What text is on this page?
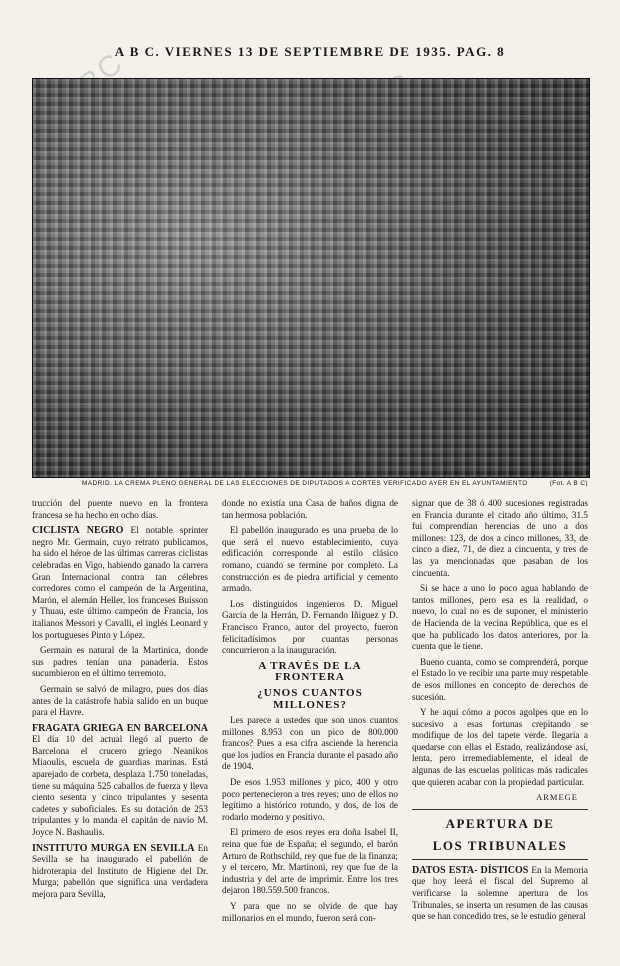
A B C. VIERNES 13 DE SEPTIEMBRE DE 1935. PAG. 8
MADRID. LA CREMA PLENO GENERAL DE LAS ELECCIONES DE DIPUTADOS A CORTES VERIFICADO AYER EN EL AYUNTAMIENTO	(Fot. A B C)

trucción del puente nuevo en la frontera francesa se ha hecho en ocho días.

CICLISTA NEGRO El notable sprinter negro Mr. Germain, cuyo retrato publicamos, ha sido el héroe de las últimas carreras ciclistas celebradas en Vigo, habiendo ganado la carrera Gran Internacional contra tan célebres corredores como el campeón de la Argentina, Marón, el alemán Heller, los franceses Buisson y Thuau, este último campeón de Francia, los italianos Messori y Cavalli, el inglés Leonard y los portugueses Pinto y López.

Germain es natural de la Martinica, donde sus padres tenían una panadería. Estos sucumbieron en el último terremoto.

Germain se salvó de milagro, pues dos días antes de la catástrofe había salido en un buque para el Havre.

FRAGATA GRIEGA EN BARCELONA El día 10 del actual llegó al puerto de Barcelona el crucero griego Neanikos Miaoulis, escuela de guardias marinas. Está aparejado de corbeta, desplaza 1.750 toneladas, tiene su máquina 525 caballos de fuerza y lleva ciento sesenta y cinco tripulantes y sesenta cadetes y suboficiales. Es su dotación de 253 tripulantes y lo manda el capitán de navío M. Joyce N. Bashaulis.

INSTITUTO MURGA EN SEVILLA En Sevilla se ha inaugurado el pabellón de hidroterapia del Instituto de Higiene del Dr. Murga; pabellón que significa una verdadera mejora para Sevilla,

donde no existía una Casa de baños digna de tan hermosa población.

El pabellón inaugurado es una prueba de lo que será el nuevo establecimiento, cuya edificación corresponde al estilo clásico romano, cuando se termine por completo. La construcción es de piedra artificial y cemento armado.

Los distinguidos ingenieros D. Miguel García de la Herrán, D. Fernando Iñiguez y D. Francisco Franco, autor del proyecto, fueron felicitadísimos por cuantas personas concurrieron a la inauguración.

A TRAVÉS DE LA FRONTERA
¿UNOS CUANTOS MILLONES?

Les parece a ustedes que son unos cuantos millones 8.953 con un pico de 800.000 francos? Pues a esa cifra asciende la herencia que los judíos en Francia durante el pasado año de 1904.

De esos 1.953 millones y pico, 400 y otro poco pertenecieron a tres reyes; uno de ellos no legítimo a histórico rotundo, y dos, de los de rodarlo moderno y positivo.

El primero de esos reyes era doña Isabel II, reina que fue de España; el segundo, el barón Arturo de Rothschild, rey que fue de la finanza; y el tercero, Mr. Martinoni, rey que fue de la industria y del arte de imprimir. Entre los tres dejaron 180.559.500 francos.

Y para que no se olvide de que hay millonarios en el mundo, fueron será con-

signar que de 38 ó 400 sucesiones registradas en Francia durante el citado año último, 31.5 fui comprendían herencias de uno a dos millones: 123, de dos a cinco millones, 33, de cinco a diez, 71, de diez a cincuenta, y tres de las ya mencionadas que pasaban de los cincuenta.

Si se hace a uno lo poco agua hablando de tantos millones, pero esa es la realidad, o nuevo, lo cual no es de suponer, el ministerio de Hacienda de la vecina República, que es el que ha publicado los datos anteriores, por la cuenta que le tiene.

Bueno cuanta, como se comprenderá, porque el Estado lo ve recibir una parte muy respetable de esos millones en concepto de derechos de sucesión.

Y he aquí cómo a pocos agolpes que en lo sucesivo a esas fortunas crepitando se modifique de los del tapete verde. Ilegaría a quedarse con ellas el Estado, realizándose así, lenta, pero irremediablemente, el ideal de algunas de las escuelas políticas más radicales que quieren acabar con la propiedad particular.

ARMEGE
APERTURA DE
LOS TRIBUNALES

DATOS ESTA- DÍSTICOS En la Memoria que hoy leerá el fiscal del Supremo al verificarse la solemne apertura de los Tribunales, se inserta un resumen de las causas que se han concedido tres, se le estudio general
